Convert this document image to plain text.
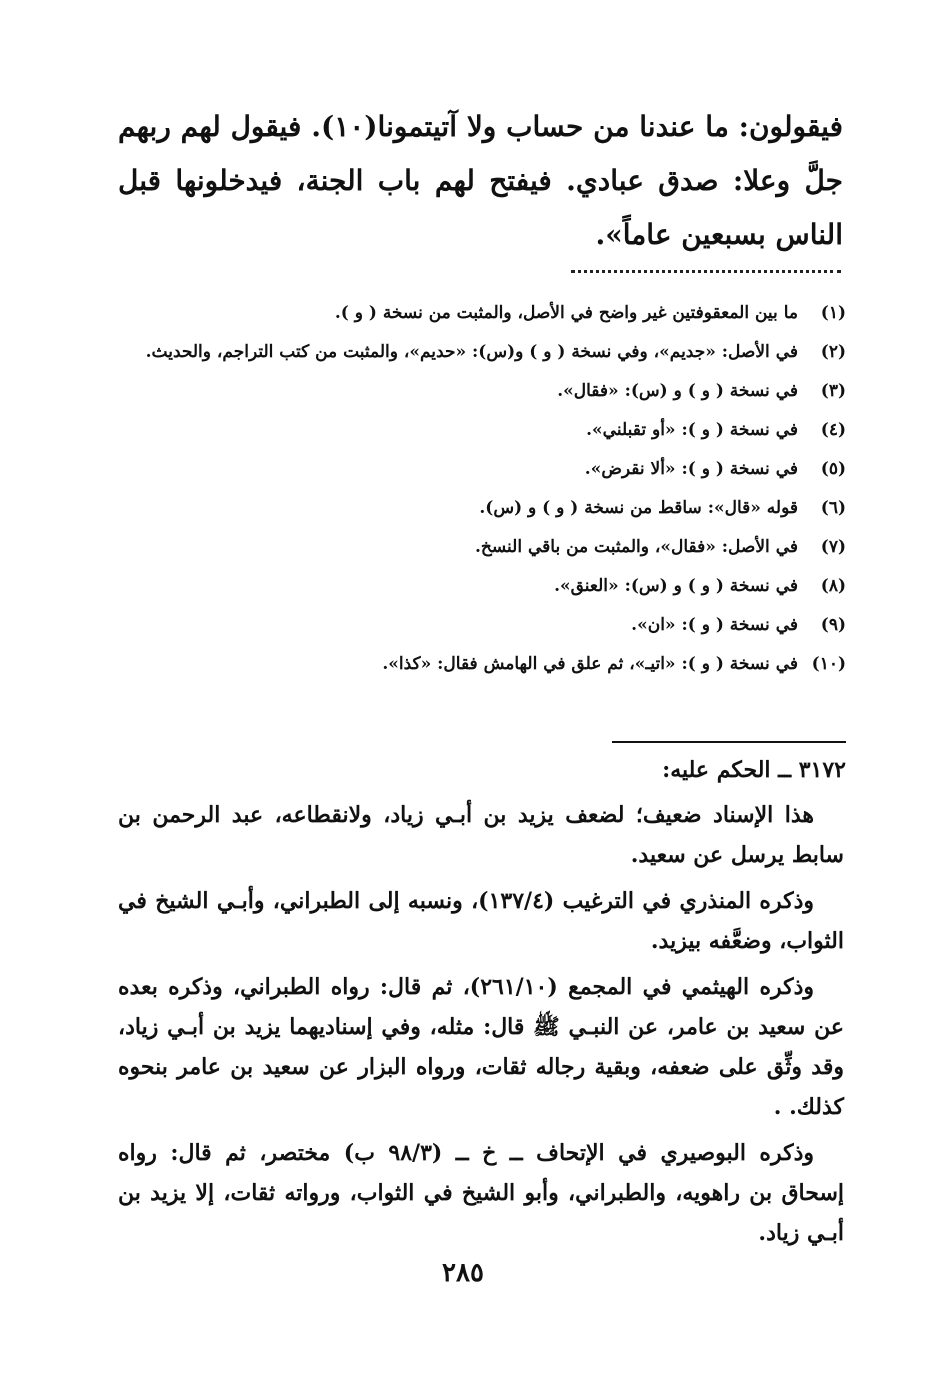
فيقولون: ما عندنا من حساب ولا آتيتمونا(١٠). فيقول لهم ربهم جلَّ وعلا: صدق عبادي. فيفتح لهم باب الجنة، فيدخلونها قبل الناس بسبعين عاماً».
(١)
ما بين المعقوفتين غير واضح في الأصل، والمثبت من نسخة ( و ).
(٢)
في الأصل: «جديم»، وفي نسخة ( و ) و(س): «حديم»، والمثبت من كتب التراجم، والحديث.
(٣)
في نسخة ( و ) و (س): «فقال».
(٤)
في نسخة ( و ): «أو تقبلني».
(٥)
في نسخة ( و ): «ألا نقرض».
(٦)
قوله «قال»: ساقط من نسخة ( و ) و (س).
(٧)
في الأصل: «فقال»، والمثبت من باقي النسخ.
(٨)
في نسخة ( و ) و (س): «العنق».
(٩)
في نسخة ( و ): «ان».
(١٠)
في نسخة ( و ): «اتيـ»، ثم علق في الهامش فقال: «كذا».
٣١٧٢ ــ الحكم عليه:

هذا الإسناد ضعيف؛ لضعف يزيد بن أبـي زياد، ولانقطاعه، عبد الرحمن بن سابط يرسل عن سعيد.

وذكره المنذري في الترغيب (١٣٧/٤)، ونسبه إلى الطبراني، وأبـي الشيخ في الثواب، وضعَّفه بيزيد.

وذكره الهيثمي في المجمع (٢٦١/١٠)، ثم قال: رواه الطبراني، وذكره بعده عن سعيد بن عامر، عن النبـي ﷺ قال: مثله، وفي إسناديهما يزيد بن أبـي زياد، وقد وثِّق على ضعفه، وبقية رجاله ثقات، ورواه البزار عن سعيد بن عامر بنحوه كذلك. .

وذكره البوصيري في الإتحاف ــ خ ــ (٩٨/٣ ب) مختصر، ثم قال: رواه إسحاق بن راهويه، والطبراني، وأبو الشيخ في الثواب، ورواته ثقات، إلا يزيد بن أبـي زياد.

٢٨٥
